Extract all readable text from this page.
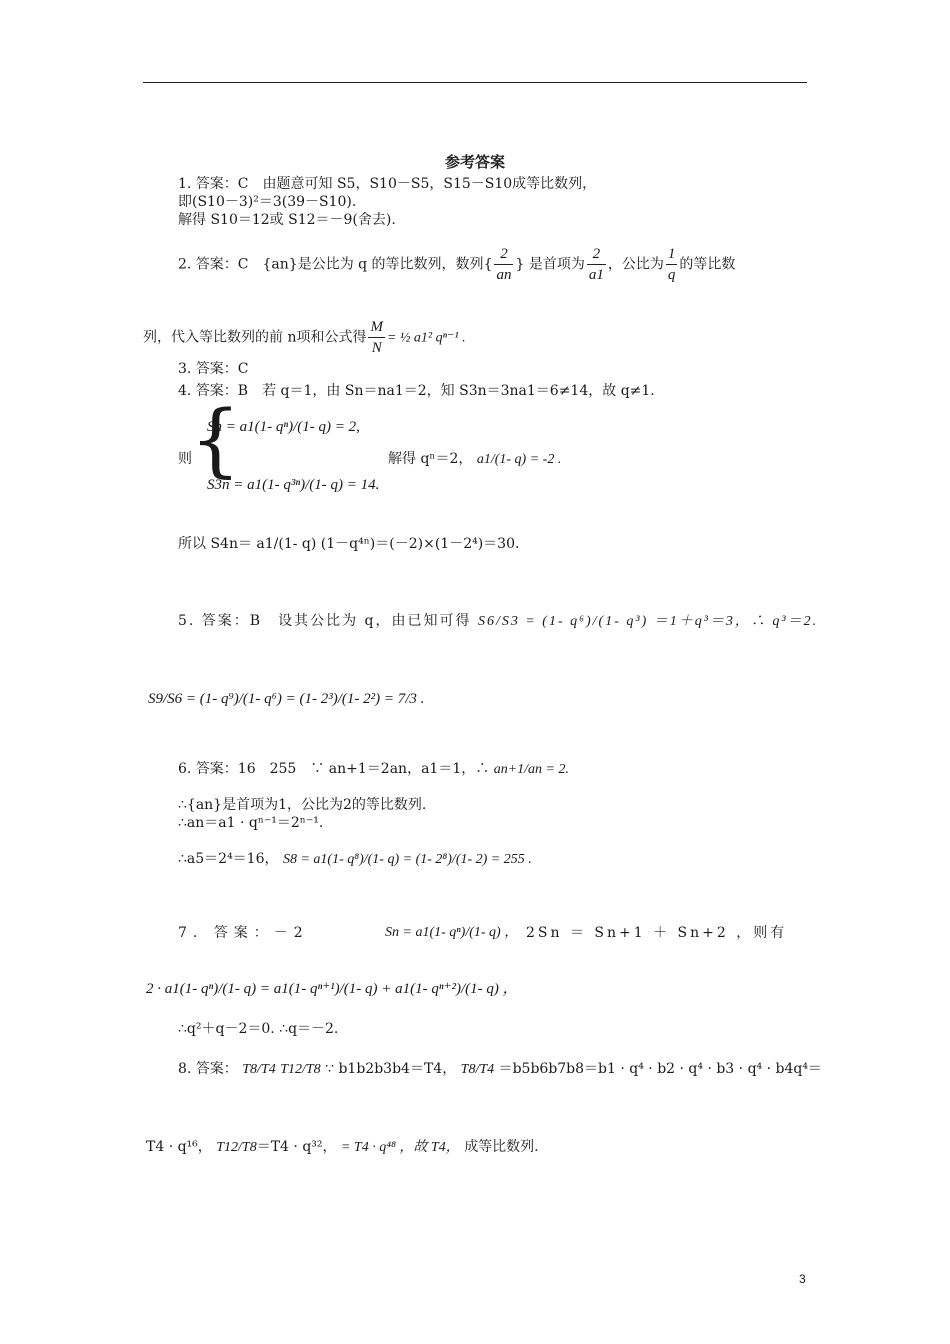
参考答案
1. 答案：C　由题意可知 S5，S10－S5，S15－S10成等比数列，
即(S10－3)²＝3(39－S10).
解得 S10＝12或 S12＝－9(舍去).
2. 答案：C　{an}是公比为 q 的等比数列，数列{ $\frac{2}{an}$ } 是首项为 $\frac{2}{a1}$ ，公比为 $\frac{1}{q}$ 的等比数
列，代入等比数列的前 n项和公式得 $\frac{M}{N}$ = ½ a1² qⁿ⁻¹ .
3. 答案：C
4. 答案：B　若 q＝1，由 Sn＝na1＝2，知 S3n＝3na1＝6≠14，故 q≠1.
则
{
Sn = a1(1- qⁿ)/(1- q) = 2,
S3n = a1(1- q³ⁿ)/(1- q) = 14.
解得 qⁿ＝2， a1/(1- q) = -2 .
所以 S4n＝ a1/(1- q) (1－q⁴ⁿ)＝(－2)×(1－2⁴)＝30.
5. 答案：B　设其公比为 q，由已知可得 S6/S3 = (1- q⁶)/(1- q³) ＝1＋q³＝3，∴ q³＝2.
S9/S6 = (1- q⁹)/(1- q⁶) = (1- 2³)/(1- 2²) = 7/3 .
6. 答案：16　255　∵ an+1＝2an，a1＝1，∴ an+1/an = 2.
∴{an}是首项为1，公比为2的等比数列.
∴an＝a1 · qⁿ⁻¹＝2ⁿ⁻¹.
∴a5＝2⁴＝16， S8 = a1(1- q⁸)/(1- q) = (1- 2⁸)/(1- 2) = 255 .
7. 答案：－2	Sn = a1(1- qⁿ)/(1- q) ， 2Sn ＝ Sn+1 ＋ Sn+2 ，则有
2 · a1(1- qⁿ)/(1- q) = a1(1- qⁿ⁺¹)/(1- q) + a1(1- qⁿ⁺²)/(1- q) ，
∴q²＋q－2＝0. ∴q＝－2.
8. 答案： T8/T4 T12/T8 ∵ b1b2b3b4＝T4， T8/T4 ＝b5b6b7b8＝b1 · q⁴ · b2 · q⁴ · b3 · q⁴ · b4q⁴＝
T4 · q¹⁶， T12/T8＝T4 · q³²， = T4 · q⁴⁸ ，故 T4， 成等比数列.
3
